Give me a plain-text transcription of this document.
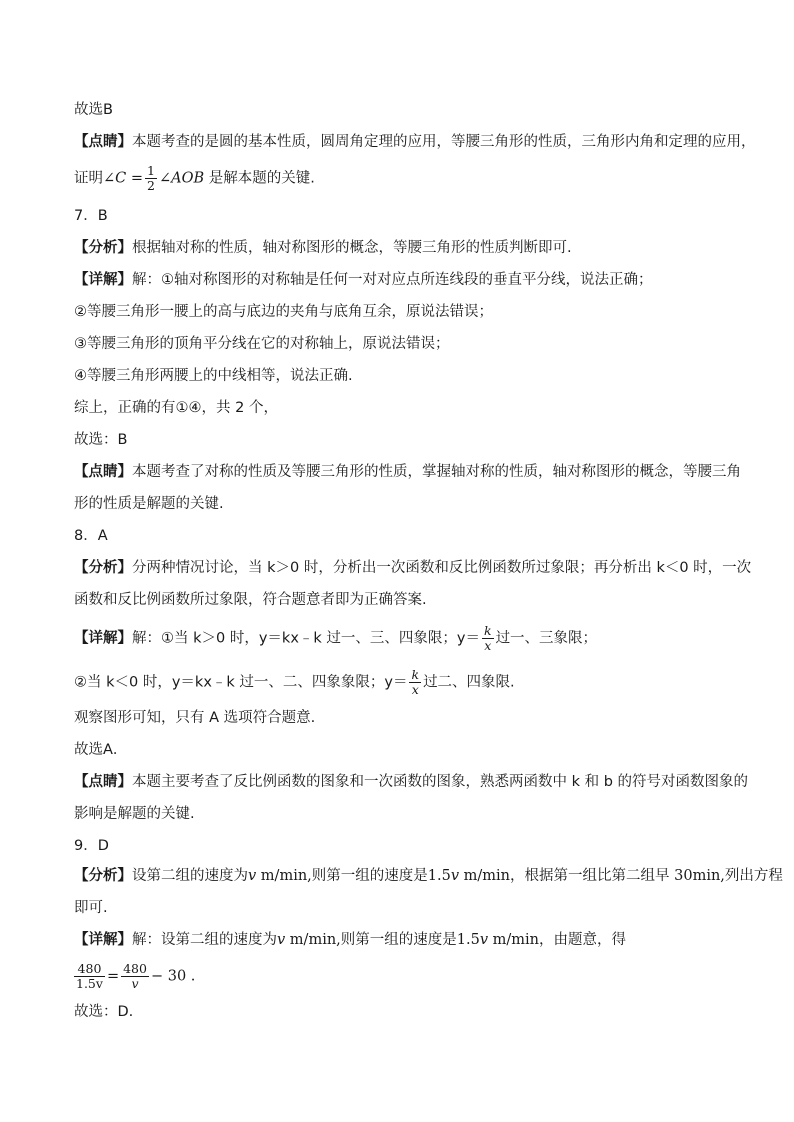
故选B
【点睛】本题考查的是圆的基本性质，圆周角定理的应用，等腰三角形的性质，三角形内角和定理的应用，
证明∠C = $\frac{1}{2}$ ∠AOB 是解本题的关键.
7．B
【分析】根据轴对称的性质，轴对称图形的概念，等腰三角形的性质判断即可.
【详解】解：①轴对称图形的对称轴是任何一对对应点所连线段的垂直平分线，说法正确；
②等腰三角形一腰上的高与底边的夹角与底角互余，原说法错误；
③等腰三角形的顶角平分线在它的对称轴上，原说法错误；
④等腰三角形两腰上的中线相等，说法正确.
综上，正确的有①④，共 2 个，
故选：B
【点睛】本题考查了对称的性质及等腰三角形的性质，掌握轴对称的性质，轴对称图形的概念，等腰三角
形的性质是解题的关键.
8．A
【分析】分两种情况讨论，当 k＞0 时，分析出一次函数和反比例函数所过象限；再分析出 k＜0 时，一次
函数和反比例函数所过象限，符合题意者即为正确答案.
【详解】解：①当 k＞0 时，y＝kx﹣k 过一、三、四象限；$y= \frac{k}{x}$ 过一、三象限；
②当 k＜0 时，y＝kx﹣k 过一、二、四象象限；$y= \frac{k}{x}$ 过二、四象限.
观察图形可知，只有 A 选项符合题意.
故选A．
【点睛】本题主要考查了反比例函数的图象和一次函数的图象，熟悉两函数中 k 和 b 的符号对函数图象的
影响是解题的关键.
9．D
【分析】设第二组的速度为v m/min,则第一组的速度是1.5v m/min，根据第一组比第二组早 30min,列出方程
即可.
【详解】解：设第二组的速度为v m/min,则第一组的速度是1.5v m/min，由题意，得
$\frac{480}{1.5v} = \frac{480}{v} - 30$ .
故选：D.
